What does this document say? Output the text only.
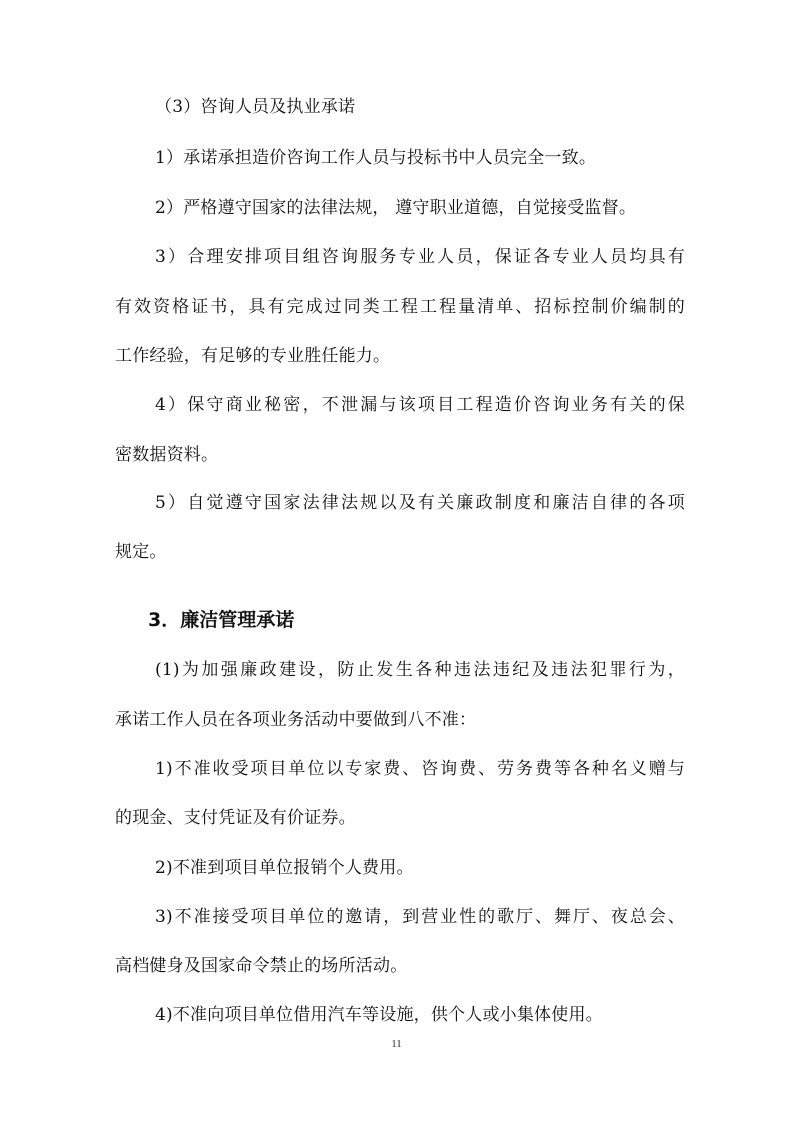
（3）咨询人员及执业承诺
1）承诺承担造价咨询工作人员与投标书中人员完全一致。
2）严格遵守国家的法律法规， 遵守职业道德，自觉接受监督。
3）合理安排项目组咨询服务专业人员，保证各专业人员均具有
有效资格证书，具有完成过同类工程工程量清单、招标控制价编制的
工作经验，有足够的专业胜任能力。
4）保守商业秘密，不泄漏与该项目工程造价咨询业务有关的保
密数据资料。
5）自觉遵守国家法律法规以及有关廉政制度和廉洁自律的各项
规定。
3．廉洁管理承诺
(1)为加强廉政建设，防止发生各种违法违纪及违法犯罪行为，
承诺工作人员在各项业务活动中要做到八不准：
1)不准收受项目单位以专家费、咨询费、劳务费等各种名义赠与
的现金、支付凭证及有价证券。
2)不准到项目单位报销个人费用。
3)不准接受项目单位的邀请，到营业性的歌厅、舞厅、夜总会、
高档健身及国家命令禁止的场所活动。
4)不准向项目单位借用汽车等设施，供个人或小集体使用。
11
